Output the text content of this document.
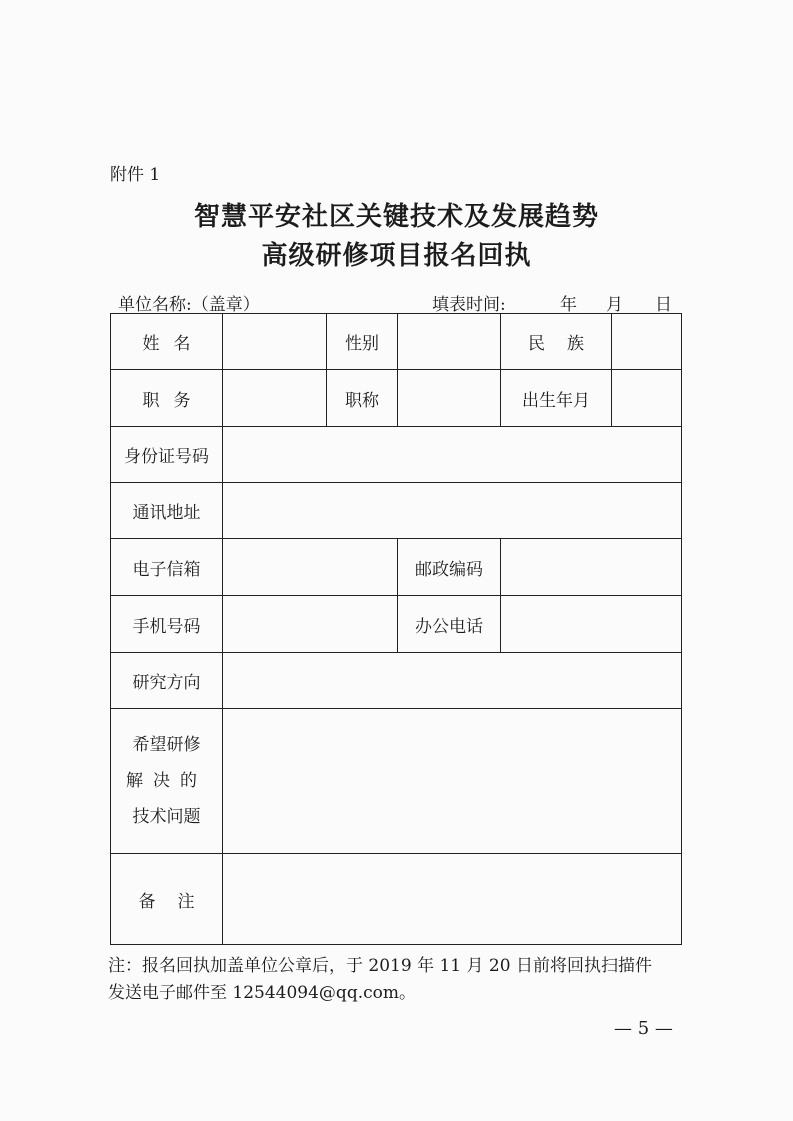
附件 1
智慧平安社区关键技术及发展趋势
高级研修项目报名回执
单位名称:（盖章）	填表时间:	年 月 日
姓名		性别		民族	
职务		职称		出生年月	
身份证号码					
通讯地址					
电子信箱			邮政编码		
手机号码			办公电话		
研究方向					

希望研修
解决的
技术问题					

备注					
注：报名回执加盖单位公章后，于 2019 年 11 月 20 日前将回执扫描件
发送电子邮件至 12544094@qq.com。
— 5 —
